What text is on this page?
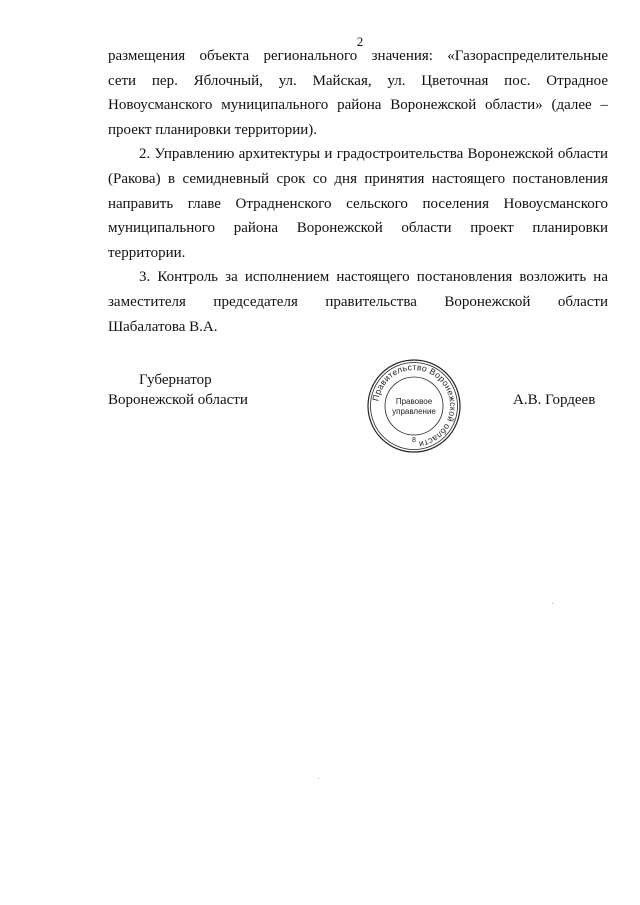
2

размещения объекта регионального значения: «Газораспределительные
сети пер. Яблочный, ул. Майская, ул. Цветочная пос. Отрадное
Новоусманского муниципального района Воронежской области» (далее –
проект планировки территории).

2. Управлению архитектуры и градостроительства Воронежской области
(Ракова) в семидневный срок со дня принятия настоящего постановления
направить главе Отрадненского сельского поселения Новоусманского
муниципального района Воронежской области проект планировки
территории.

3. Контроль за исполнением настоящего постановления возложить на
заместителя председателя правительства Воронежской области
Шабалатова В.А.

Губернатор
Воронежской области	Правительство Воронежской области
Правовое
управление
8
А.В. Гордеев
